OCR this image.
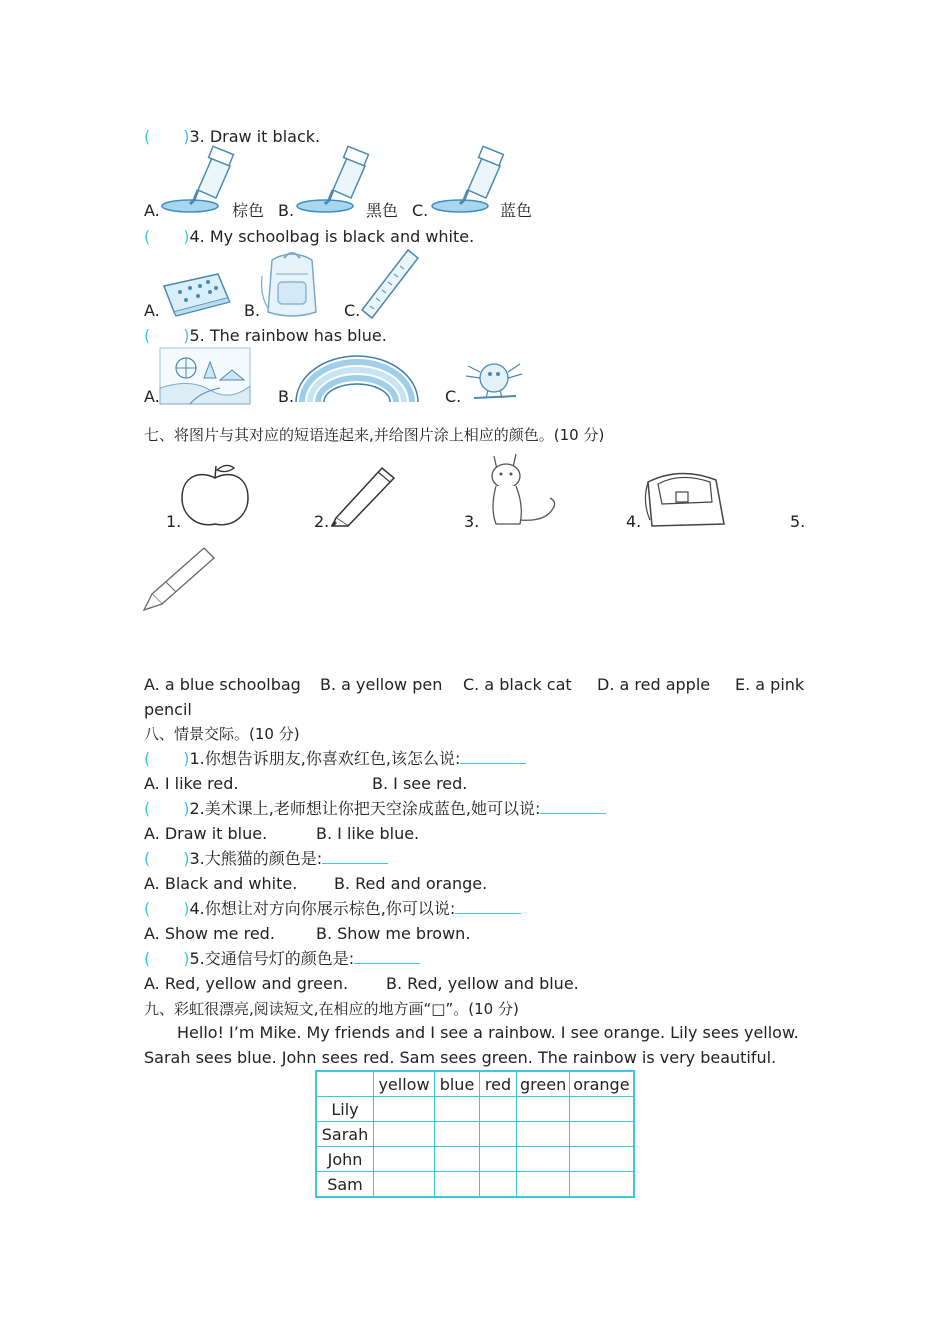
( )3. Draw it black.
A.	棕色 B.	黑色 C.	蓝色
( )4. My schoolbag is black and white.
A.	B.	C.
( )5. The rainbow has blue.
A.	B.	C.
七、将图片与其对应的短语连起来,并给图片涂上相应的颜色。(10 分)
1.	2.	3.	4.	5.
A. a blue schoolbag B. a yellow pen C. a black cat D. a red apple E. a pink
pencil
八、情景交际。(10 分)
( )1.你想告诉朋友,你喜欢红色,该怎么说:
A. I like red.	B. I see red.
( )2.美术课上,老师想让你把天空涂成蓝色,她可以说:
A. Draw it blue.	B. I like blue.
( )3.大熊猫的颜色是:
A. Black and white. B. Red and orange.
( )4.你想让对方向你展示棕色,你可以说:
A. Show me red.	B. Show me brown.
( )5.交通信号灯的颜色是:
A. Red, yellow and green. B. Red, yellow and blue.
九、彩虹很漂亮,阅读短文,在相应的地方画“□”。(10 分)
Hello! I’m Mike. My friends and I see a rainbow. I see orange. Lily sees yellow.
Sarah sees blue. John sees red. Sam sees green. The rainbow is very beautiful.
	yellow	blue	red	green	orange
Lily					
Sarah					
John					
Sam					
